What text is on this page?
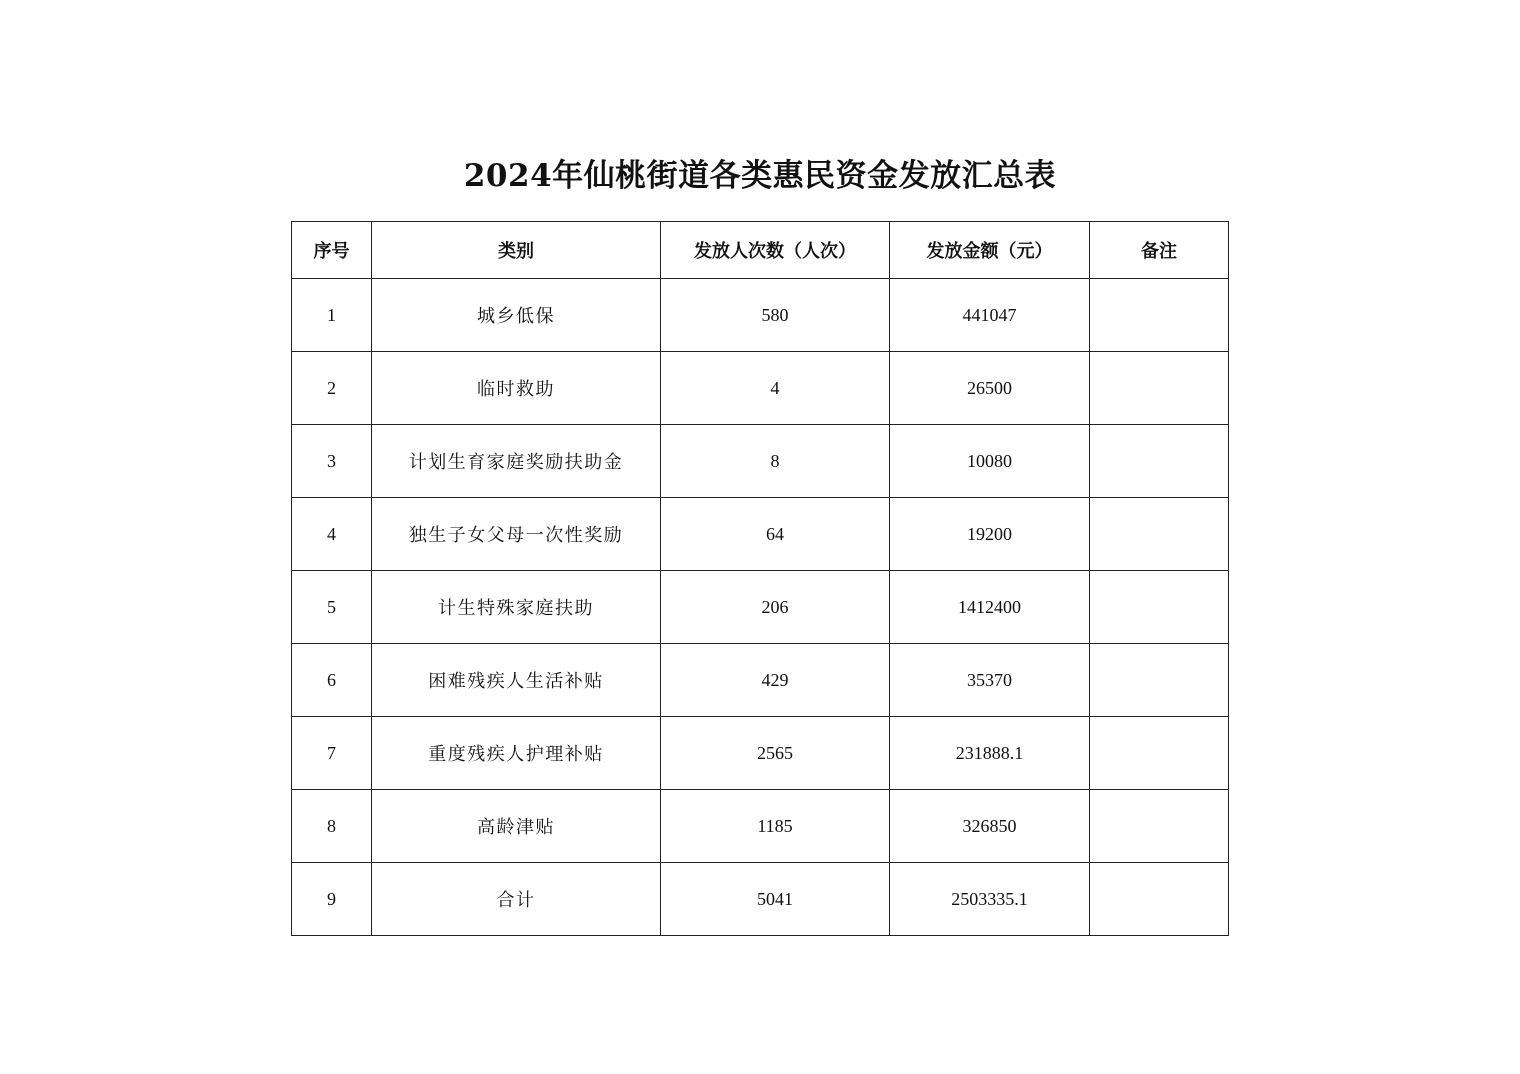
2024年仙桃街道各类惠民资金发放汇总表
序号	类别	发放人次数（人次）	发放金额（元）	备注
1	城乡低保	580	441047	
2	临时救助	4	26500	
3	计划生育家庭奖励扶助金	8	10080	
4	独生子女父母一次性奖励	64	19200	
5	计生特殊家庭扶助	206	1412400	
6	困难残疾人生活补贴	429	35370	
7	重度残疾人护理补贴	2565	231888.1	
8	高龄津贴	1185	326850	
9	合计	5041	2503335.1	
